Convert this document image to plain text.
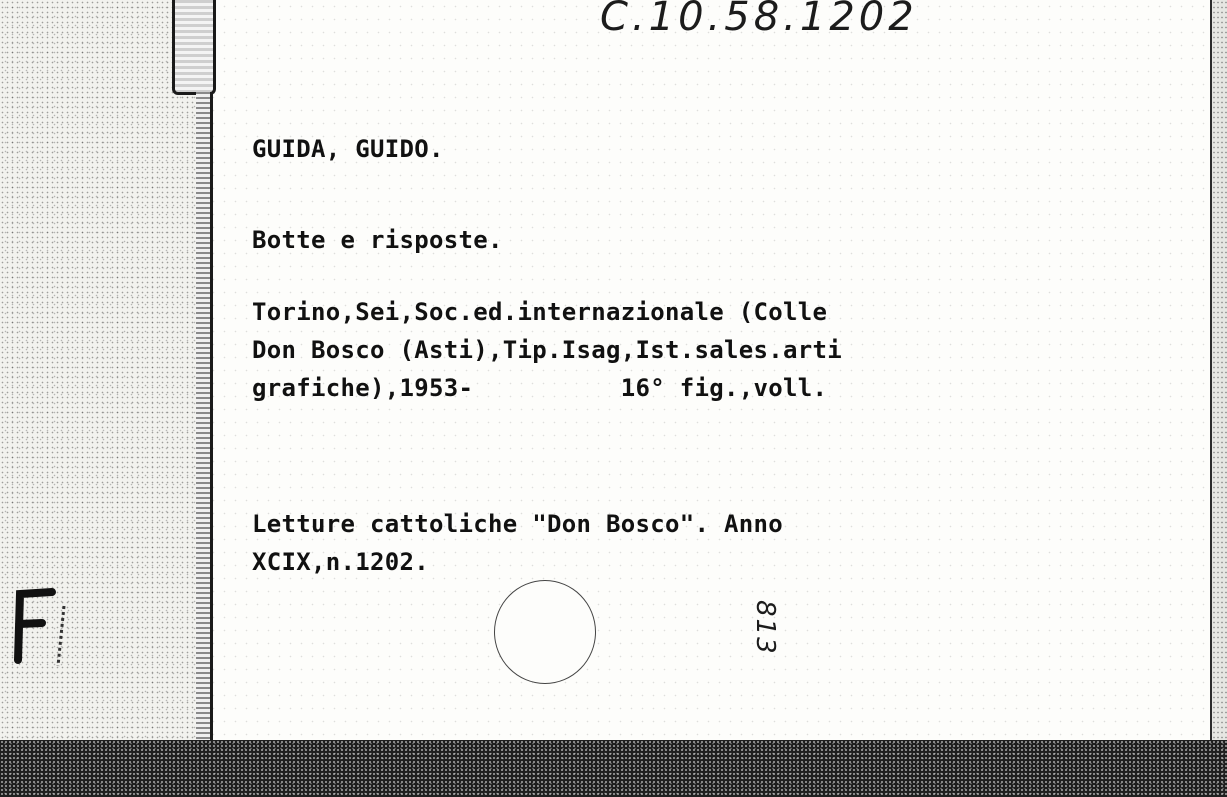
C.10.58.1202
GUIDA, GUIDO.
Botte e risposte.
Torino,Sei,Soc.ed.internazionale (Colle
Don Bosco (Asti),Tip.Isag,Ist.sales.arti
grafiche),1953-          16° fig.,voll.
Letture cattoliche "Don Bosco". Anno
XCIX,n.1202.
813
